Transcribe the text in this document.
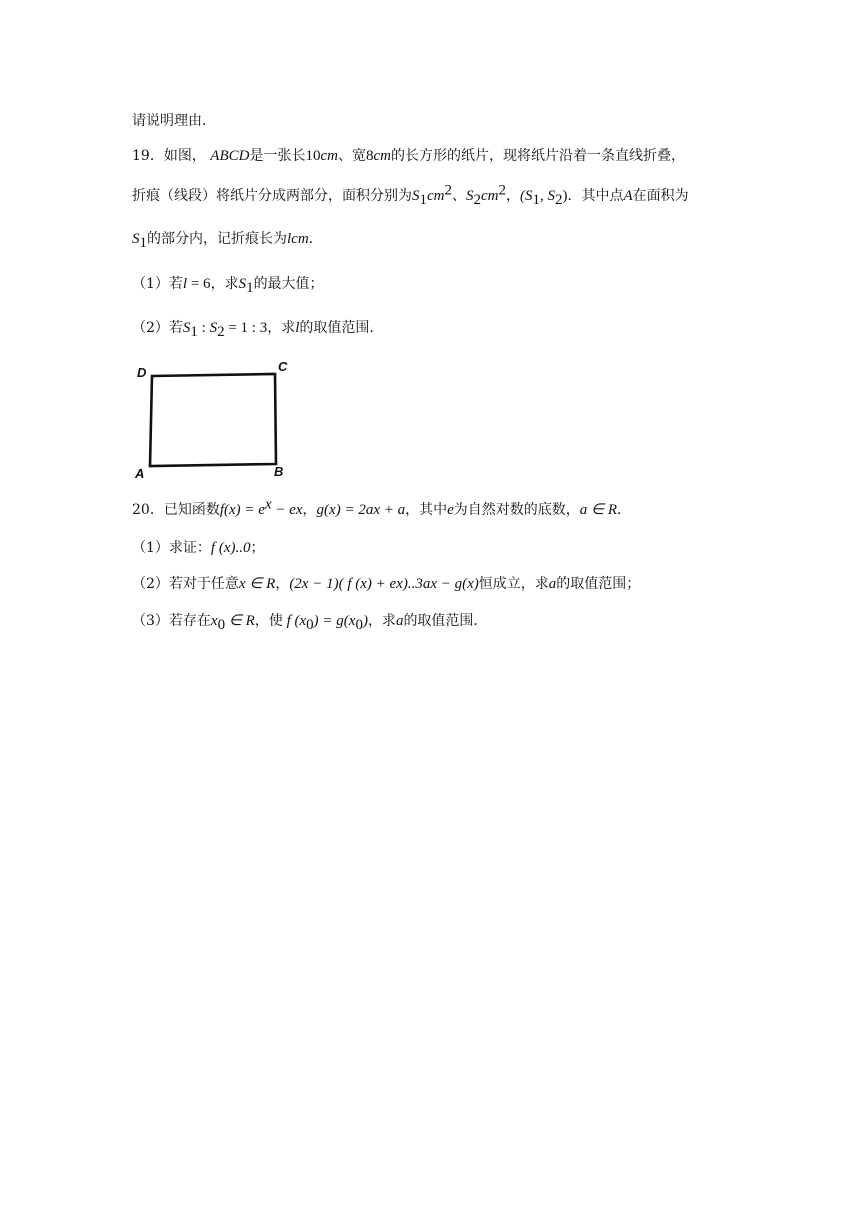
请说明理由.
19．如图， ABCD是一张长10cm、宽8cm的长方形的纸片，现将纸片沿着一条直线折叠，
折痕（线段）将纸片分成两部分，面积分别为$S_1cm^2$、$S_2cm^2$，($S_1$, $S_2$)．其中点A在面积为
$S_1$的部分内，记折痕长为lcm．
（1）若l = 6，求$S_1$的最大值；
（2）若$S_1$ : $S_2 = 1$ : 3，求l的取值范围．
D	C
A	B
20．已知函数$f(x) = e^x$ − ex，g(x) = 2ax + a，其中e为自然对数的底数，a ∈ R．
（1）求证：f (x)..0；
（2）若对于任意x ∈ R，(2x − 1)( f (x) + ex)..3ax − g(x)恒成立，求a的取值范围；
（3）若存在$x_0$ ∈ R，使 f $(x_0) = g(x_0)$，求a的取值范围．
